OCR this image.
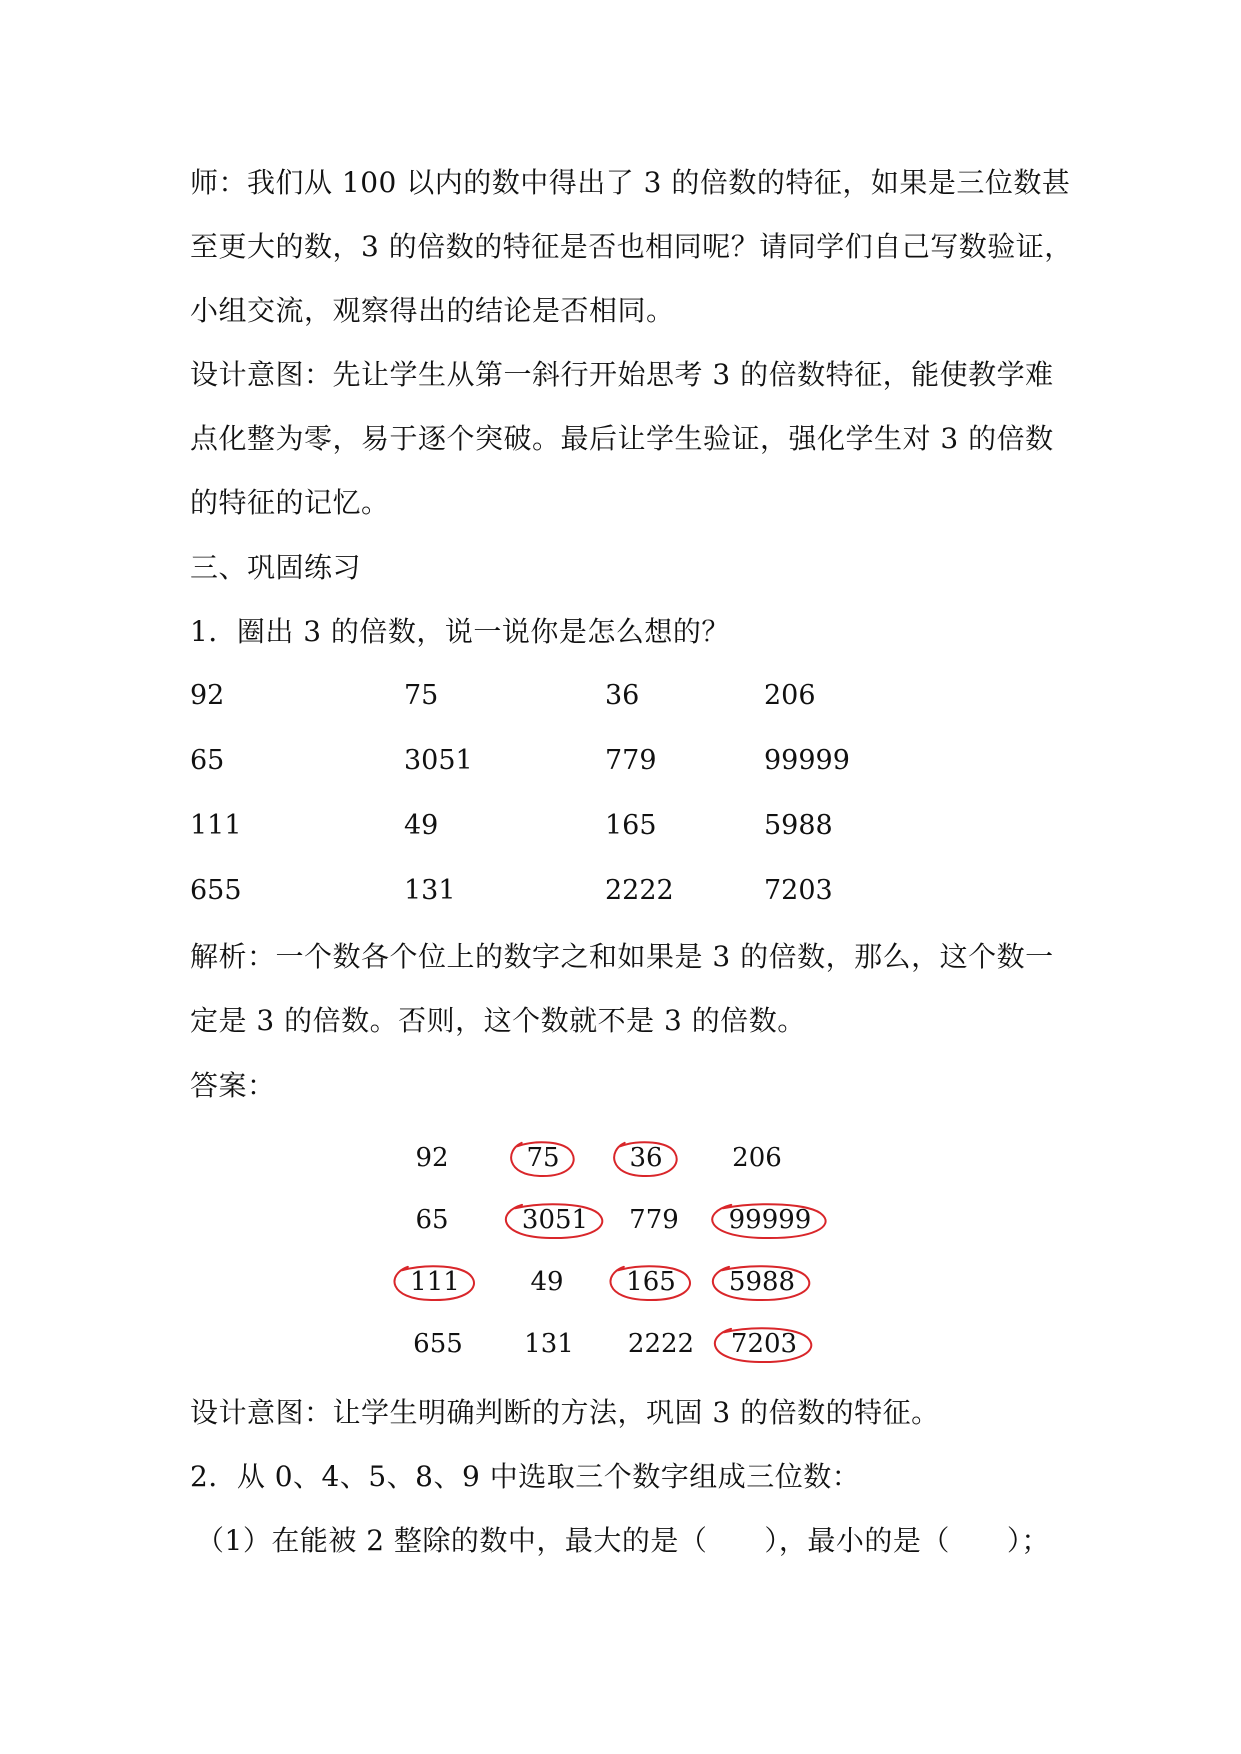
师：我们从 100 以内的数中得出了 3 的倍数的特征，如果是三位数甚
至更大的数，3 的倍数的特征是否也相同呢？请同学们自己写数验证，
小组交流，观察得出的结论是否相同。
设计意图：先让学生从第一斜行开始思考 3 的倍数特征，能使教学难
点化整为零，易于逐个突破。最后让学生验证，强化学生对 3 的倍数
的特征的记忆。
三、巩固练习
1．圈出 3 的倍数，说一说你是怎么想的？
92	75	36	206
65	3051	779	99999
111	49	165	5988
655	131	2222	7203
解析：一个数各个位上的数字之和如果是 3 的倍数，那么，这个数一
定是 3 的倍数。否则，这个数就不是 3 的倍数。
答案：
92	75	36	206
65	3051 779 99999
111	49 165 5988
655 131 2222 7203
设计意图：让学生明确判断的方法，巩固 3 的倍数的特征。
2．从 0、4、5、8、9 中选取三个数字组成三位数：
（1）在能被 2 整除的数中，最大的是（　　），最小的是（　　）；
